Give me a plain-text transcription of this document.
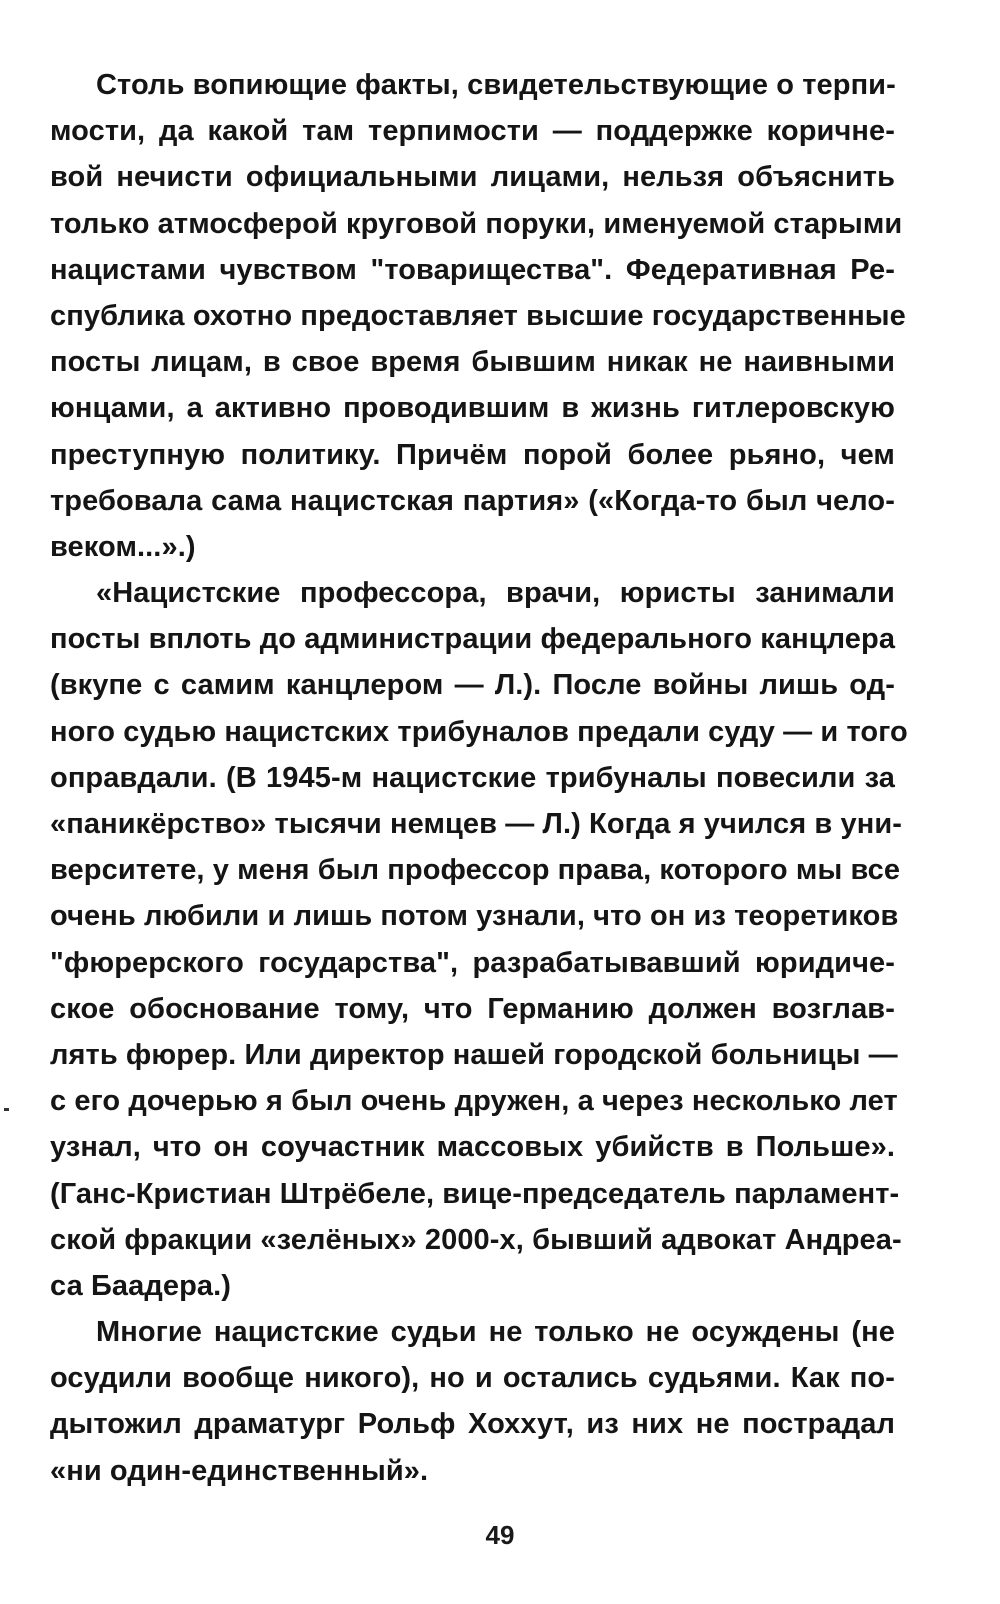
Столь вопиющие факты, свидетельствующие о терпи-
мости, да какой там терпимости — поддержке коричне-
вой нечисти официальными лицами, нельзя объяснить
только атмосферой круговой поруки, именуемой старыми
нацистами чувством "товарищества". Федеративная Ре-
спублика охотно предоставляет высшие государственные
посты лицам, в свое время бывшим никак не наивными
юнцами, а активно проводившим в жизнь гитлеровскую
преступную политику. Причём порой более рьяно, чем
требовала сама нацистская партия» («Когда-то был чело-
веком...».)
«Нацистские профессора, врачи, юристы занимали
посты вплоть до администрации федерального канцлера
(вкупе с самим канцлером — Л.). После войны лишь од-
ного судью нацистских трибуналов предали суду — и того
оправдали. (В 1945-м нацистские трибуналы повесили за
«паникёрство» тысячи немцев — Л.) Когда я учился в уни-
верситете, у меня был профессор права, которого мы все
очень любили и лишь потом узнали, что он из теоретиков
"фюрерского государства", разрабатывавший юридиче-
ское обоснование тому, что Германию должен возглав-
лять фюрер. Или директор нашей городской больницы —
с его дочерью я был очень дружен, а через несколько лет
узнал, что он соучастник массовых убийств в Польше».
(Ганс-Кристиан Штрёбеле, вице-председатель парламент-
ской фракции «зелёных» 2000-х, бывший адвокат Андреа-
са Баадера.)
Многие нацистские судьи не только не осуждены (не
осудили вообще никого), но и остались судьями. Как по-
дытожил драматург Рольф Хоххут, из них не пострадал
«ни один-единственный».
49
